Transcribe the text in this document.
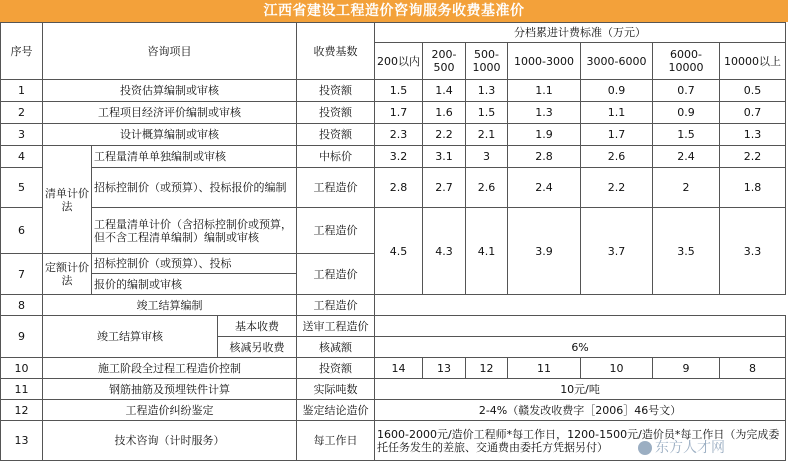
江西省建设工程造价咨询服务收费基准价
序号	咨询项目			收费基数	分档累进计费标准（万元）						
					200以内	200-500	500-1000	1000-3000	3000-6000	6000-10000	10000以上
1	投资估算编制或审核			投资额	1.5	1.4	1.3	1.1	0.9	0.7	0.5
2	工程项目经济评价编制或审核			投资额	1.7	1.6	1.5	1.3	1.1	0.9	0.7
3	设计概算编制或审核			投资额	2.3	2.2	2.1	1.9	1.7	1.5	1.3
4	清单计价法	工程量清单单独编制或审核		中标价	3.2	3.1	3	2.8	2.6	2.4	2.2
5		招标控制价（或预算）、投标报价的编制		工程造价	2.8	2.7	2.6	2.4	2.2	2	1.8
6		工程量清单计价（含招标控制价或预算，但不含工程清单编制）编制或审核		工程造价	4.5	4.3	4.1	3.9	3.7	3.5	3.3
7	定额计价法	招标控制价（或预算）、投标		工程造价							
		报价的编制或审核									
8	竣工结算编制			工程造价							
9	竣工结算审核		基本收费	送审工程造价							
			核减另收费	核减额	6%						
10	施工阶段全过程工程造价控制			投资额	14	13	12	11	10	9	8
11	钢筋抽筋及预埋铁件计算			实际吨数	10元/吨						
12	工程造价纠纷鉴定			鉴定结论造价	2-4%（赣发改收费字［2006］46号文）						
13	技术咨询（计时服务）			每工作日	1600-2000元/造价工程师*每工作日，1200-1500元/造价员*每工作日（为完成委托任务发生的差旅、交通费由委托方凭据另付）							东方人才网
